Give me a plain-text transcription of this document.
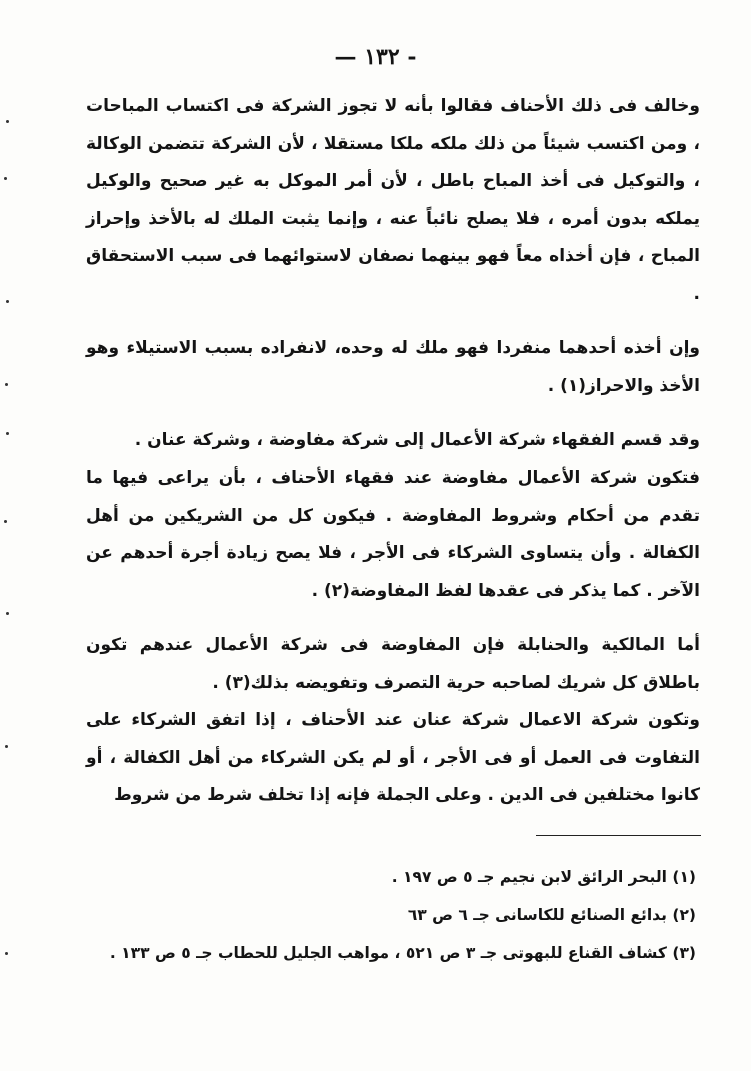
— ١٣٢ -

وخالف فى ذلك الأحناف فقالوا بأنه لا تجوز الشركة فى اكتساب المباحات ، ومن اكتسب شيئاً من ذلك ملكه ملكا مستقلا ، لأن الشركة تتضمن الوكالة ، والتوكيل فى أخذ المباح باطل ، لأن أمر الموكل به غير صحيح والوكيل يملكه بدون أمره ، فلا يصلح نائباً عنه ، وإنما يثبت الملك له بالأخذ وإحراز المباح ، فإن أخذاه معاً فهو بينهما نصفان لاستوائهما فى سبب الاستحقاق .

وإن أخذه أحدهما منفردا فهو ملك له وحده، لانفراده بسبب الاستيلاء وهو الأخذ والاحراز(١) .

وقد قسم الفقهاء شركة الأعمال إلى شركة مفاوضة ، وشركة عنان .

فتكون شركة الأعمال مفاوضة عند فقهاء الأحناف ، بأن يراعى فيها ما تقدم من أحكام وشروط المفاوضة . فيكون كل من الشريكين من أهل الكفالة . وأن يتساوى الشركاء فى الأجر ، فلا يصح زيادة أجرة أحدهم عن الآخر . كما يذكر فى عقدها لفظ المفاوضة(٢) .

أما المالكية والحنابلة فإن المفاوضة فى شركة الأعمال عندهم تكون باطلاق كل شريك لصاحبه حرية التصرف وتفويضه بذلك(٣) .

وتكون شركة الاعمال شركة عنان عند الأحناف ، إذا اتفق الشركاء على التفاوت فى العمل أو فى الأجر ، أو لم يكن الشركاء من أهل الكفالة ، أو كانوا مختلفين فى الدين . وعلى الجملة فإنه إذا تخلف شرط من شروط

(١) البحر الرائق لابن نجيم جـ ٥ ص ١٩٧ .
(٢) بدائع الصنائع للكاسانى جـ ٦ ص ٦٣
(٣) كشاف القناع للبهوتى جـ ٣ ص ٥٢١ ، مواهب الجليل للحطاب جـ ٥ ص ١٣٣ .
